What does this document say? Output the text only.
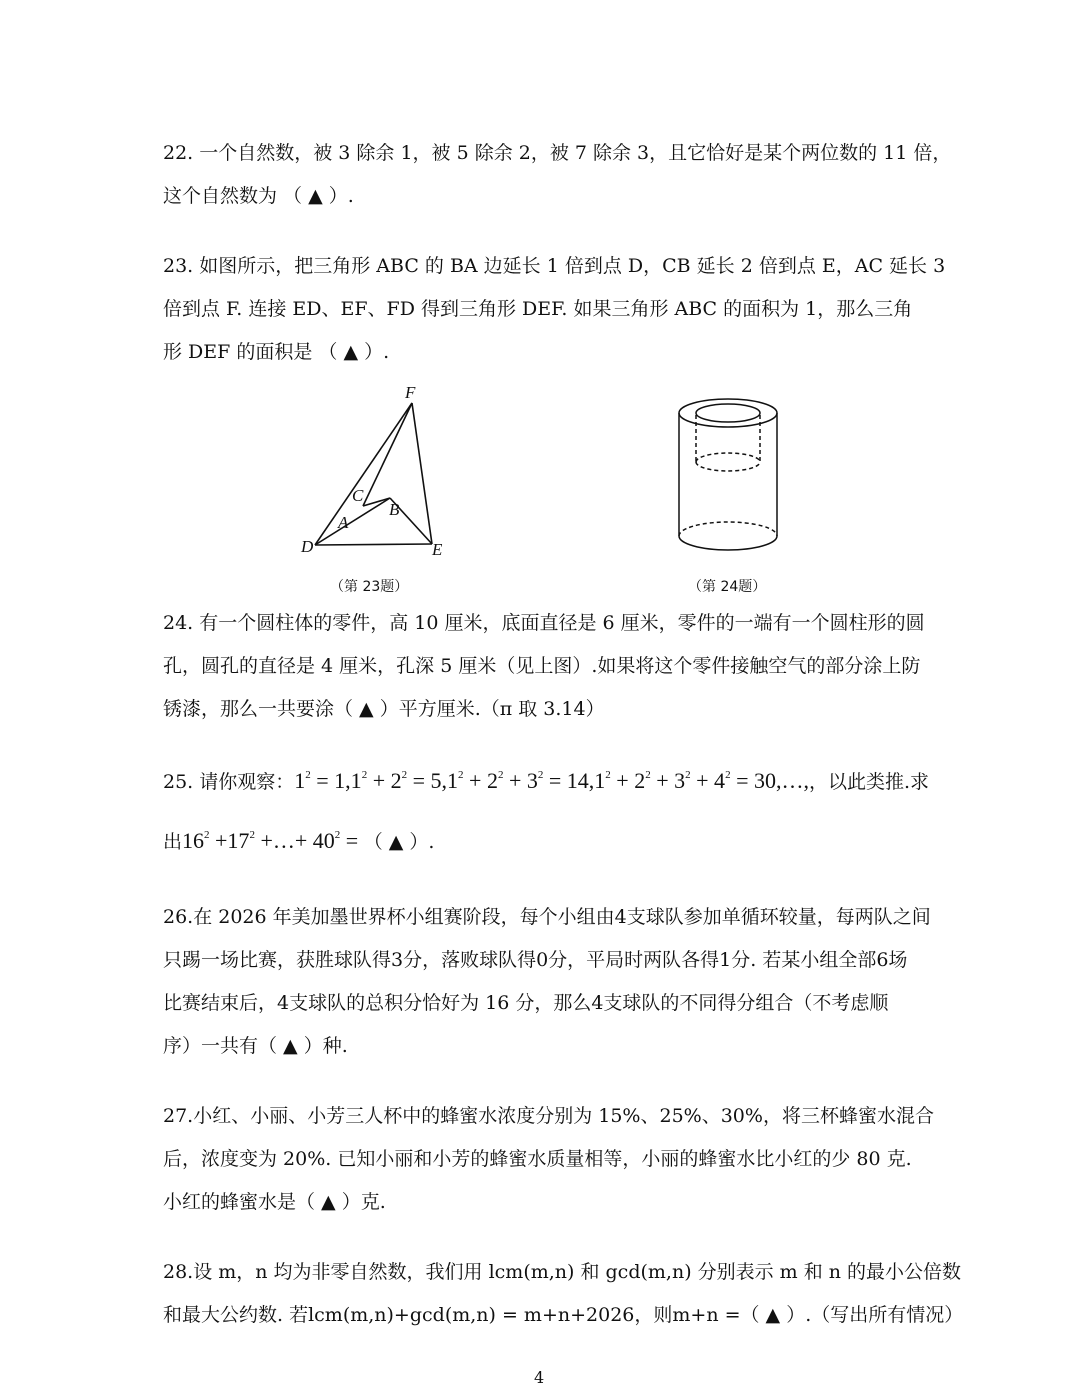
22. 一个自然数，被 3 除余 1，被 5 除余 2，被 7 除余 3，且它恰好是某个两位数的 11 倍，
这个自然数为 （ ▲ ）.
23. 如图所示，把三角形 ABC 的 BA 边延长 1 倍到点 D，CB 延长 2 倍到点 E，AC 延长 3
倍到点 F. 连接 ED、EF、FD 得到三角形 DEF. 如果三角形 ABC 的面积为 1，那么三角
形 DEF 的面积是 （ ▲ ）.
F
C
B
A
D	E
（第 23题）	（第 24题）
24. 有一个圆柱体的零件，高 10 厘米，底面直径是 6 厘米，零件的一端有一个圆柱形的圆
孔，圆孔的直径是 4 厘米，孔深 5 厘米（见上图）.如果将这个零件接触空气的部分涂上防
锈漆，那么一共要涂（ ▲ ）平方厘米.（π 取 3.14）
25. 请你观察：$1^2 = 1,1^2 + 2^2 = 5,1^2 + 2^2 + 3^2 = 14,1^2 + 2^2 + 3^2 + 4^2$ = 30,…,，以此类推.求
出$16^2 +17^2$ +…+ $40^2$ = （ ▲ ）.
26.在 2026 年美加墨世界杯小组赛阶段，每个小组由4支球队参加单循环较量，每两队之间
只踢一场比赛，获胜球队得3分，落败球队得0分，平局时两队各得1分. 若某小组全部6场
比赛结束后，4支球队的总积分恰好为 16 分，那么4支球队的不同得分组合（不考虑顺
序）一共有（ ▲ ）种.
27.小红、小丽、小芳三人杯中的蜂蜜水浓度分别为 15%、25%、30%，将三杯蜂蜜水混合
后，浓度变为 20%. 已知小丽和小芳的蜂蜜水质量相等，小丽的蜂蜜水比小红的少 80 克.
小红的蜂蜜水是（ ▲ ）克.
28.设 m，n 均为非零自然数，我们用 lcm(m,n) 和 gcd(m,n) 分别表示 m 和 n 的最小公倍数
和最大公约数. 若lcm(m,n)+gcd(m,n) = m+n+2026，则m+n =（ ▲ ）.（写出所有情况）
4
